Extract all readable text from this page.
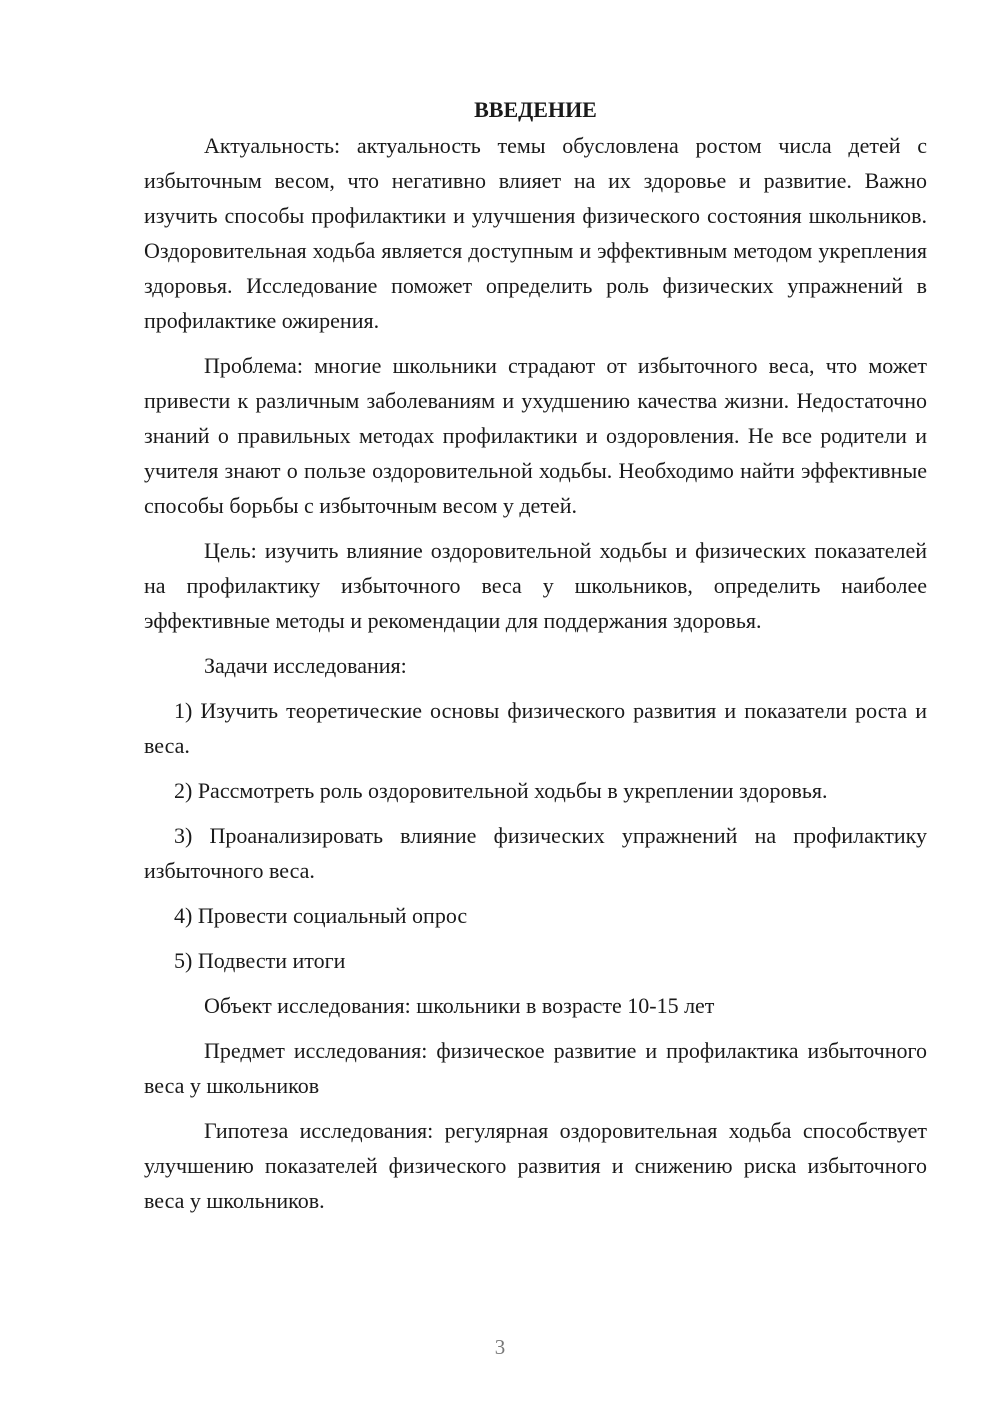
ВВЕДЕНИЕ

Актуальность: актуальность темы обусловлена ростом числа детей с избыточным весом, что негативно влияет на их здоровье и развитие. Важно изучить способы профилактики и улучшения физического состояния школьников. Оздоровительная ходьба является доступным и эффективным методом укрепления здоровья. Исследование поможет определить роль физических упражнений в профилактике ожирения.

Проблема: многие школьники страдают от избыточного веса, что может привести к различным заболеваниям и ухудшению качества жизни. Недостаточно знаний о правильных методах профилактики и оздоровления. Не все родители и учителя знают о пользе оздоровительной ходьбы. Необходимо найти эффективные способы борьбы с избыточным весом у детей.

Цель: изучить влияние оздоровительной ходьбы и физических показателей на профилактику избыточного веса у школьников, определить наиболее эффективные методы и рекомендации для поддержания здоровья.

Задачи исследования:

1) Изучить теоретические основы физического развития и показатели роста и веса.

2) Рассмотреть роль оздоровительной ходьбы в укреплении здоровья.

3) Проанализировать влияние физических упражнений на профилактику избыточного веса.

4) Провести социальный опрос

5) Подвести итоги

Объект исследования: школьники в возрасте 10-15 лет

Предмет исследования: физическое развитие и профилактика избыточного веса у школьников

Гипотеза исследования: регулярная оздоровительная ходьба способствует улучшению показателей физического развития и снижению риска избыточного веса у школьников.

3
